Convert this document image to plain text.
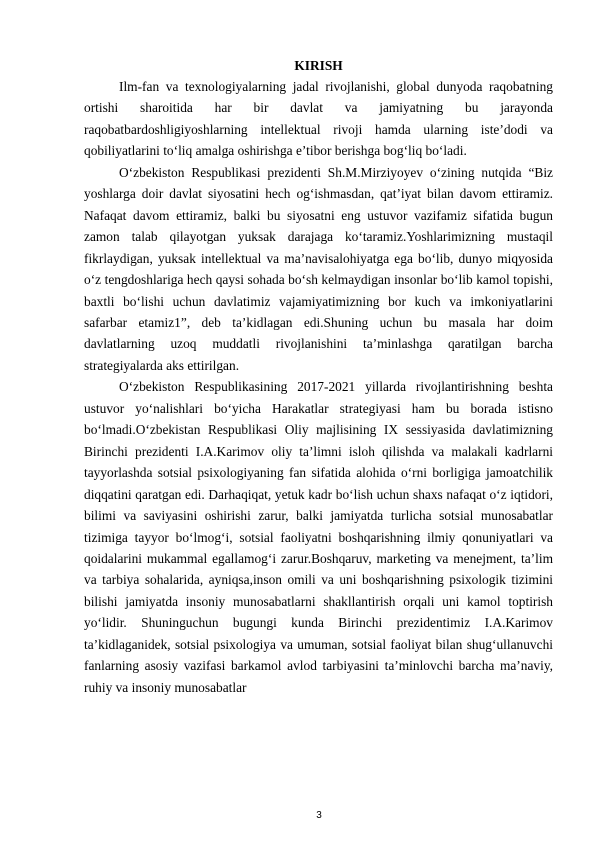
KIRISH

Ilm-fan va texnologiyalarning jadal rivojlanishi, global dunyoda raqobatning ortishi sharoitida har bir davlat va jamiyatning bu jarayonda raqobatbardoshligiyoshlarning intellektual rivoji hamda ularning iste’dodi va qobiliyatlarini to‘liq amalga oshirishga e’tibor berishga bog‘liq bo‘ladi.

O‘zbekiston Respublikasi prezidenti Sh.M.Mirziyoyev o‘zining nutqida “Biz yoshlarga doir davlat siyosatini hech og‘ishmasdan, qat’iyat bilan davom ettiramiz. Nafaqat davom ettiramiz, balki bu siyosatni eng ustuvor vazifamiz sifatida bugun zamon talab qilayotgan yuksak darajaga ko‘taramiz.Yoshlarimizning mustaqil fikrlaydigan, yuksak intellektual va ma’navisalohiyatga ega bo‘lib, dunyo miqyosida o‘z tengdoshlariga hech qaysi sohada bo‘sh kelmaydigan insonlar bo‘lib kamol topishi, baxtli bo‘lishi uchun davlatimiz vajamiyatimizning bor kuch va imkoniyatlarini safarbar etamiz1”, deb ta’kidlagan edi.Shuning uchun bu masala har doim davlatlarning uzoq muddatli rivojlanishini ta’minlashga qaratilgan barcha strategiyalarda aks ettirilgan.

O‘zbekiston Respublikasining 2017-2021 yillarda rivojlantirishning beshta ustuvor yo‘nalishlari bo‘yicha Harakatlar strategiyasi ham bu borada istisno bo‘lmadi.O‘zbekistan Respublikasi Oliy majlisining IX sessiyasida davlatimizning Birinchi prezidenti I.A.Karimov oliy ta’limni isloh qilishda va malakali kadrlarni tayyorlashda sotsial psixologiyaning fan sifatida alohida o‘rni borligiga jamoatchilik diqqatini qaratgan edi. Darhaqiqat, yetuk kadr bo‘lish uchun shaxs nafaqat o‘z iqtidori, bilimi va saviyasini oshirishi zarur, balki jamiyatda turlicha sotsial munosabatlar tizimiga tayyor bo‘lmog‘i, sotsial faoliyatni boshqarishning ilmiy qonuniyatlari va qoidalarini mukammal egallamog‘i zarur.Boshqaruv, marketing va menejment, ta’lim va tarbiya sohalarida, ayniqsa,inson omili va uni boshqarishning psixologik tizimini bilishi jamiyatda insoniy munosabatlarni shakllantirish orqali uni kamol toptirish yo‘lidir. Shuninguchun bugungi kunda Birinchi prezidentimiz I.A.Karimov ta’kidlaganidek, sotsial psixologiya va umuman, sotsial faoliyat bilan shug‘ullanuvchi fanlarning asosiy vazifasi barkamol avlod tarbiyasini ta’minlovchi barcha ma’naviy, ruhiy va insoniy munosabatlar

3
